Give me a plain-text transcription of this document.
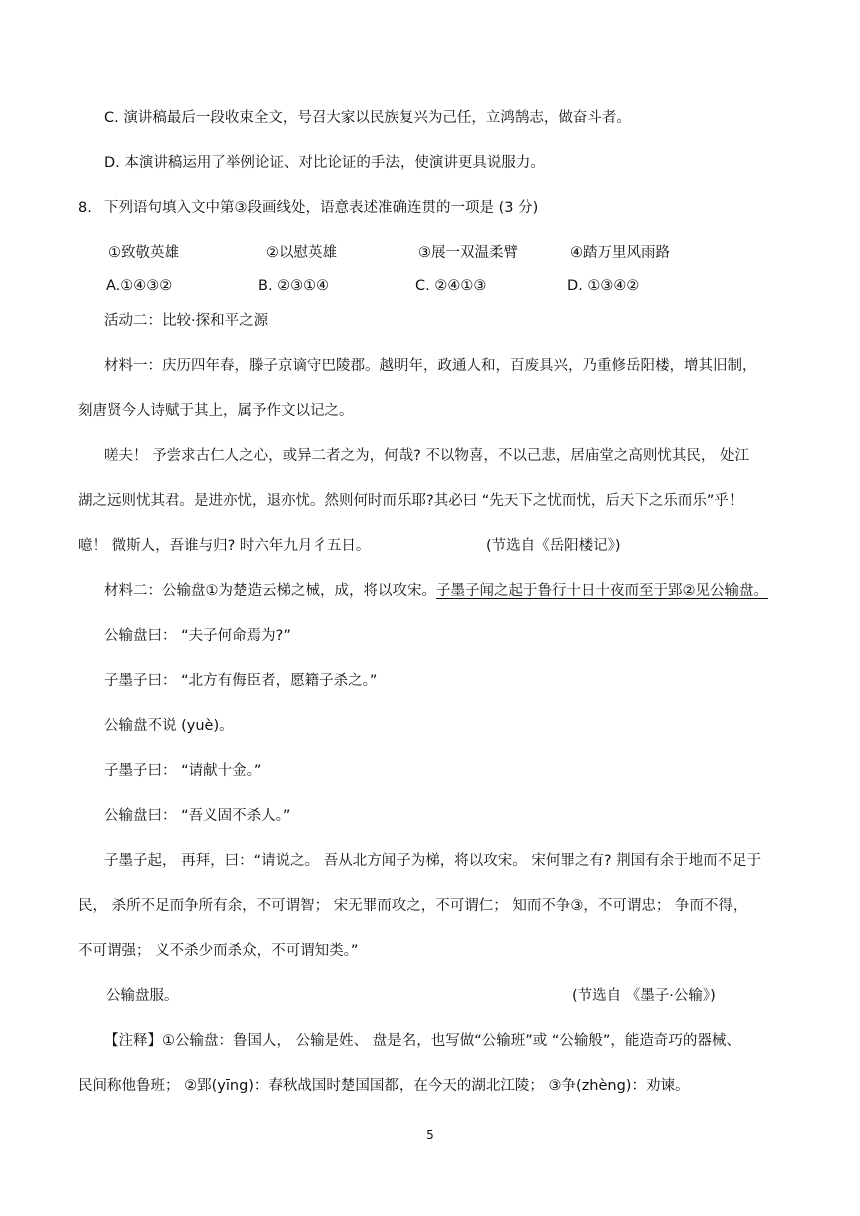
C. 演讲稿最后一段收束全文，号召大家以民族复兴为己任，立鸿鹄志，做奋斗者。
D. 本演讲稿运用了举例论证、对比论证的手法，使演讲更具说服力。
8. 下列语句填入文中第③段画线处，语意表述准确连贯的一项是 (3 分)
①致敬英雄	②以慰英雄	③展一双温柔臂	④踏万里风雨路
A.①④③②	B. ②③①④	C. ②④①③	D. ①③④②
活动二：比较·探和平之源
材料一：庆历四年春，滕子京谪守巴陵郡。越明年，政通人和，百废具兴，乃重修岳阳楼，增其旧制，
刻唐贤今人诗赋于其上，属予作文以记之。
嗟夫！ 予尝求古仁人之心，或异二者之为，何哉? 不以物喜，不以己悲，居庙堂之高则忧其民， 处江
湖之远则忧其君。是进亦忧，退亦忧。然则何时而乐耶?其必曰 “先天下之忧而忧，后天下之乐而乐”乎！
噫！ 微斯人，吾谁与归? 时六年九月彳五日。	(节选自《岳阳楼记》)
材料二：公输盘①为楚造云梯之械，成，将以攻宋。子墨子闻之起于鲁行十日十夜而至于郢②见公输盘。
公输盘曰： “夫子何命焉为?”
子墨子曰： “北方有侮臣者，愿籍子杀之。”
公输盘不说 (yuè)。
子墨子曰： “请献十金。”
公输盘曰： “吾义固不杀人。”
子墨子起， 再拜，曰：“请说之。 吾从北方闻子为梯，将以攻宋。 宋何罪之有? 荆国有余于地而不足于
民， 杀所不足而争所有余，不可谓智； 宋无罪而攻之，不可谓仁； 知而不争③，不可谓忠； 争而不得，
不可谓强； 义不杀少而杀众，不可谓知类。”
公输盘服。	(节选自 《墨子·公输》)
【注释】①公输盘：鲁国人， 公输是姓、 盘是名，也写做“公输班”或 “公输般”，能造奇巧的器械、
民间称他鲁班； ②郢(yīng)：春秋战国时楚国国都，在今天的湖北江陵； ③争(zhèng)：劝谏。
5
